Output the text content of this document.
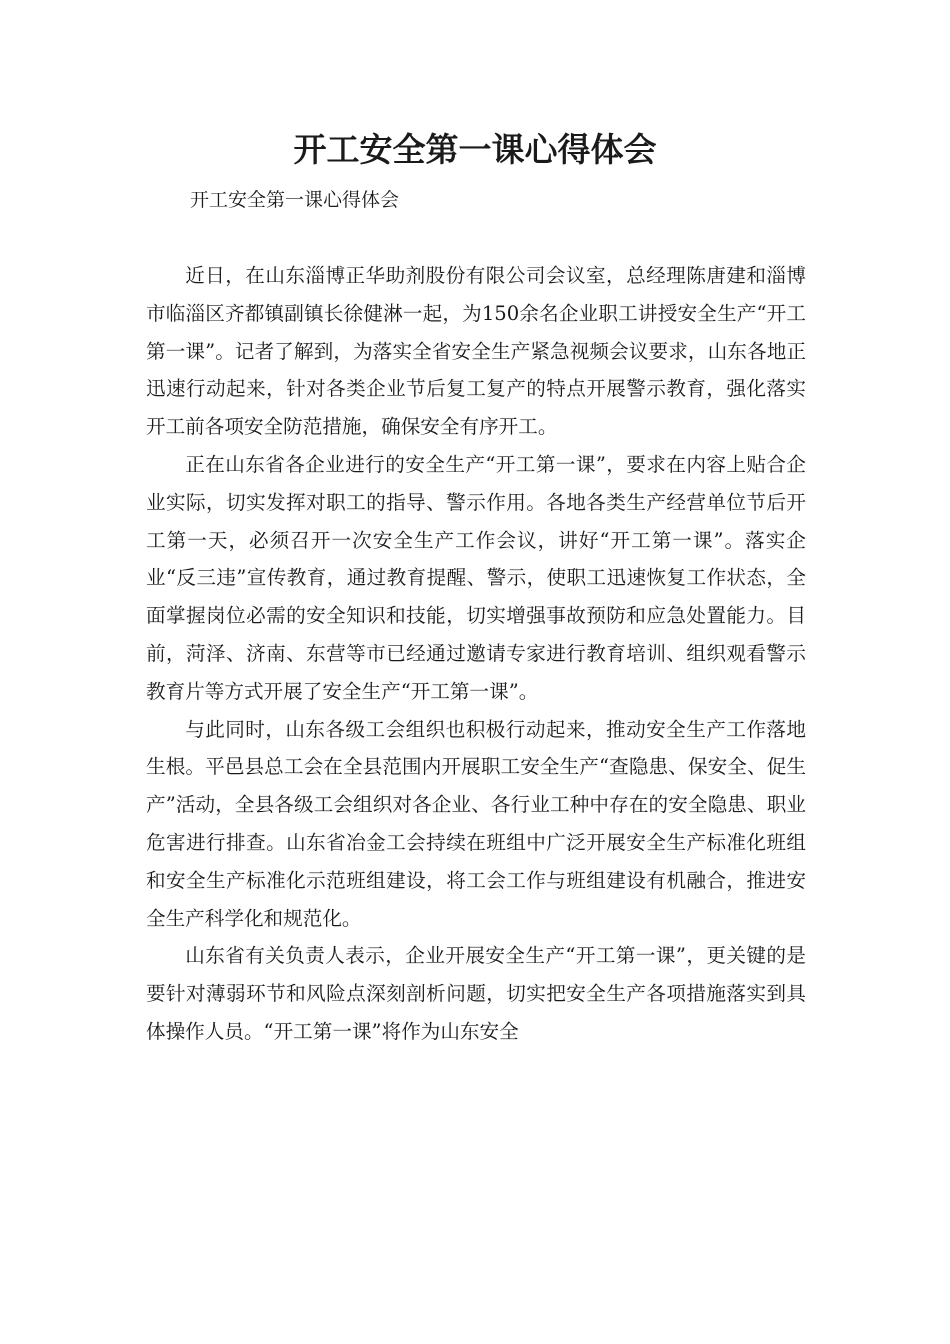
开工安全第一课心得体会

开工安全第一课心得体会

近日，在山东淄博正华助剂股份有限公司会议室，总经理陈唐建和淄博市临淄区齐都镇副镇长徐健淋一起，为150余名企业职工讲授安全生产“开工第一课”。记者了解到，为落实全省安全生产紧急视频会议要求，山东各地正迅速行动起来，针对各类企业节后复工复产的特点开展警示教育，强化落实开工前各项安全防范措施，确保安全有序开工。

正在山东省各企业进行的安全生产“开工第一课”，要求在内容上贴合企业实际，切实发挥对职工的指导、警示作用。各地各类生产经营单位节后开工第一天，必须召开一次安全生产工作会议，讲好“开工第一课”。落实企业“反三违”宣传教育，通过教育提醒、警示，使职工迅速恢复工作状态，全面掌握岗位必需的安全知识和技能，切实增强事故预防和应急处置能力。目前，菏泽、济南、东营等市已经通过邀请专家进行教育培训、组织观看警示教育片等方式开展了安全生产“开工第一课”。

与此同时，山东各级工会组织也积极行动起来，推动安全生产工作落地生根。平邑县总工会在全县范围内开展职工安全生产“查隐患、保安全、促生产”活动，全县各级工会组织对各企业、各行业工种中存在的安全隐患、职业危害进行排查。山东省冶金工会持续在班组中广泛开展安全生产标准化班组和安全生产标准化示范班组建设，将工会工作与班组建设有机融合，推进安全生产科学化和规范化。

山东省有关负责人表示，企业开展安全生产“开工第一课”，更关键的是要针对薄弱环节和风险点深刻剖析问题，切实把安全生产各项措施落实到具体操作人员。“开工第一课”将作为山东安全
